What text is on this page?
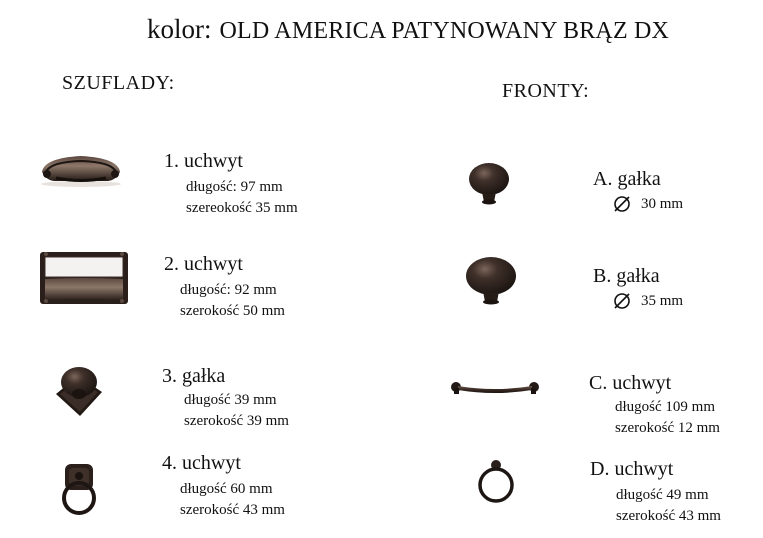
kolor: OLD AMERICA PATYNOWANY BRĄZ DX
SZUFLADY:	FRONTY:
1. uchwyt
długość: 97 mm
szereokość 35 mm
2. uchwyt
długość: 92 mm
szerokość 50 mm
3. gałka
długość 39 mm
szerokość 39 mm
4. uchwyt
długość 60 mm
szerokość 43 mm
A. gałka
30 mm
B. gałka
35 mm
C. uchwyt
długość 109 mm
szerokość 12 mm
D. uchwyt
długość 49 mm
szerokość 43 mm
